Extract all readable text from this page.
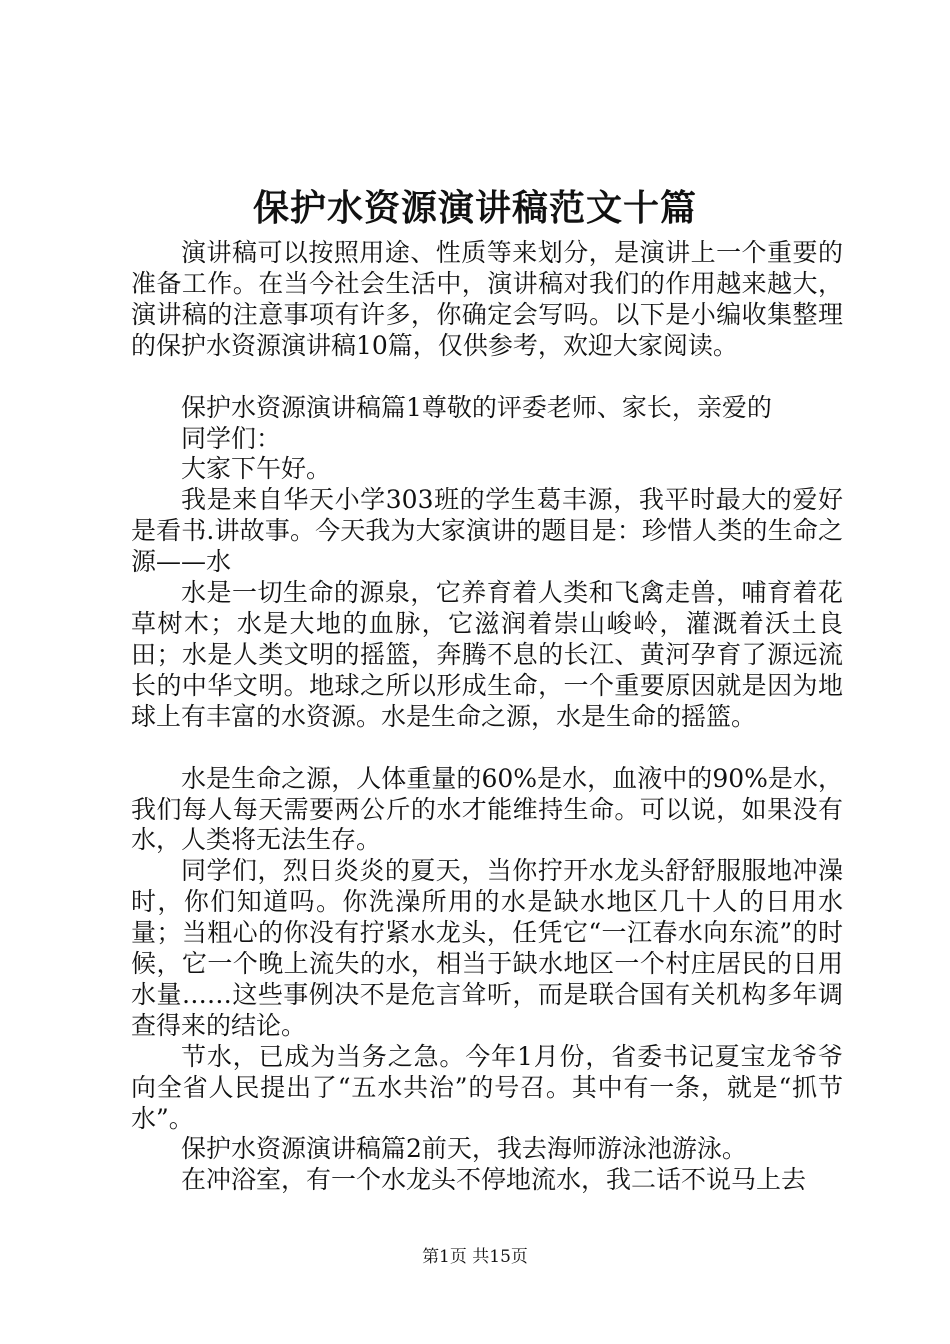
保护水资源演讲稿范文十篇

演讲稿可以按照用途、性质等来划分，是演讲上一个重要的准备工作。在当今社会生活中，演讲稿对我们的作用越来越大，演讲稿的注意事项有许多，你确定会写吗。以下是小编收集整理的保护水资源演讲稿10篇，仅供参考，欢迎大家阅读。

保护水资源演讲稿篇1尊敬的评委老师、家长，亲爱的

同学们：

大家下午好。

我是来自华天小学303班的学生葛丰源，我平时最大的爱好是看书.讲故事。今天我为大家演讲的题目是：珍惜人类的生命之源——水

水是一切生命的源泉，它养育着人类和飞禽走兽，哺育着花草树木；水是大地的血脉，它滋润着崇山峻岭，灌溉着沃土良田；水是人类文明的摇篮，奔腾不息的长江、黄河孕育了源远流长的中华文明。地球之所以形成生命，一个重要原因就是因为地球上有丰富的水资源。水是生命之源，水是生命的摇篮。

水是生命之源，人体重量的60%是水，血液中的90%是水，我们每人每天需要两公斤的水才能维持生命。可以说，如果没有水，人类将无法生存。

同学们，烈日炎炎的夏天，当你拧开水龙头舒舒服服地冲澡时，你们知道吗。你洗澡所用的水是缺水地区几十人的日用水量；当粗心的你没有拧紧水龙头，任凭它“一江春水向东流”的时候，它一个晚上流失的水，相当于缺水地区一个村庄居民的日用水量……这些事例决不是危言耸听，而是联合国有关机构多年调查得来的结论。

节水，已成为当务之急。今年1月份，省委书记夏宝龙爷爷向全省人民提出了“五水共治”的号召。其中有一条，就是“抓节水”。

保护水资源演讲稿篇2前天，我去海师游泳池游泳。

在冲浴室，有一个水龙头不停地流水，我二话不说马上去

第1页 共15页
